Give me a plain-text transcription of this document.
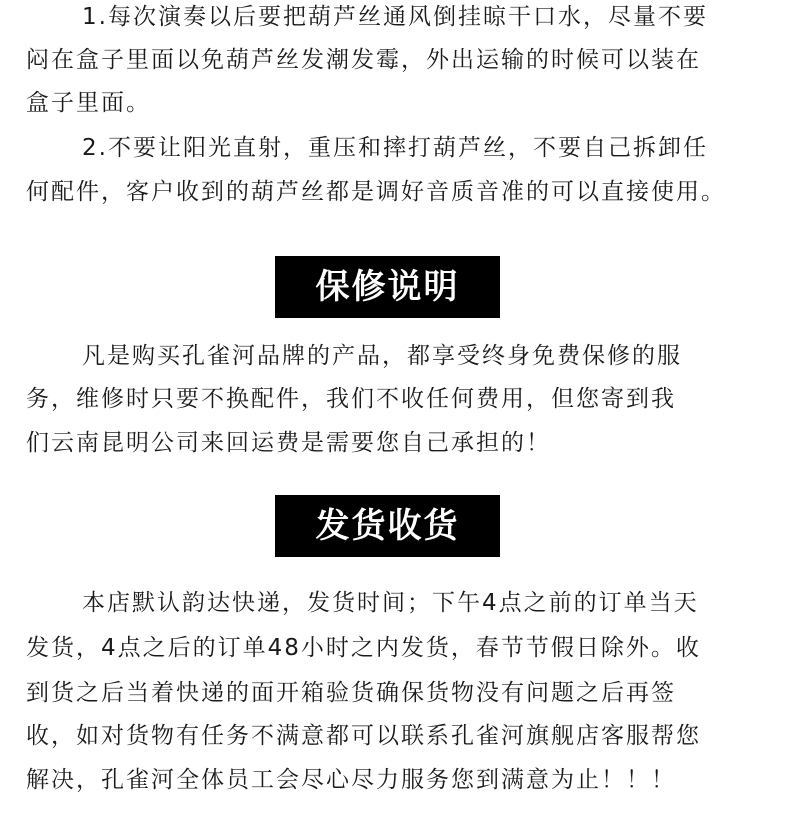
1.每次演奏以后要把葫芦丝通风倒挂晾干口水，尽量不要
闷在盒子里面以免葫芦丝发潮发霉，外出运输的时候可以装在
盒子里面。
2.不要让阳光直射，重压和摔打葫芦丝，不要自己拆卸任
何配件，客户收到的葫芦丝都是调好音质音准的可以直接使用。
保修说明
凡是购买孔雀河品牌的产品，都享受终身免费保修的服
务，维修时只要不换配件，我们不收任何费用，但您寄到我
们云南昆明公司来回运费是需要您自己承担的！
发货收货
本店默认韵达快递，发货时间；下午4点之前的订单当天
发货，4点之后的订单48小时之内发货，春节节假日除外。收
到货之后当着快递的面开箱验货确保货物没有问题之后再签
收，如对货物有任务不满意都可以联系孔雀河旗舰店客服帮您
解决，孔雀河全体员工会尽心尽力服务您到满意为止！！！
